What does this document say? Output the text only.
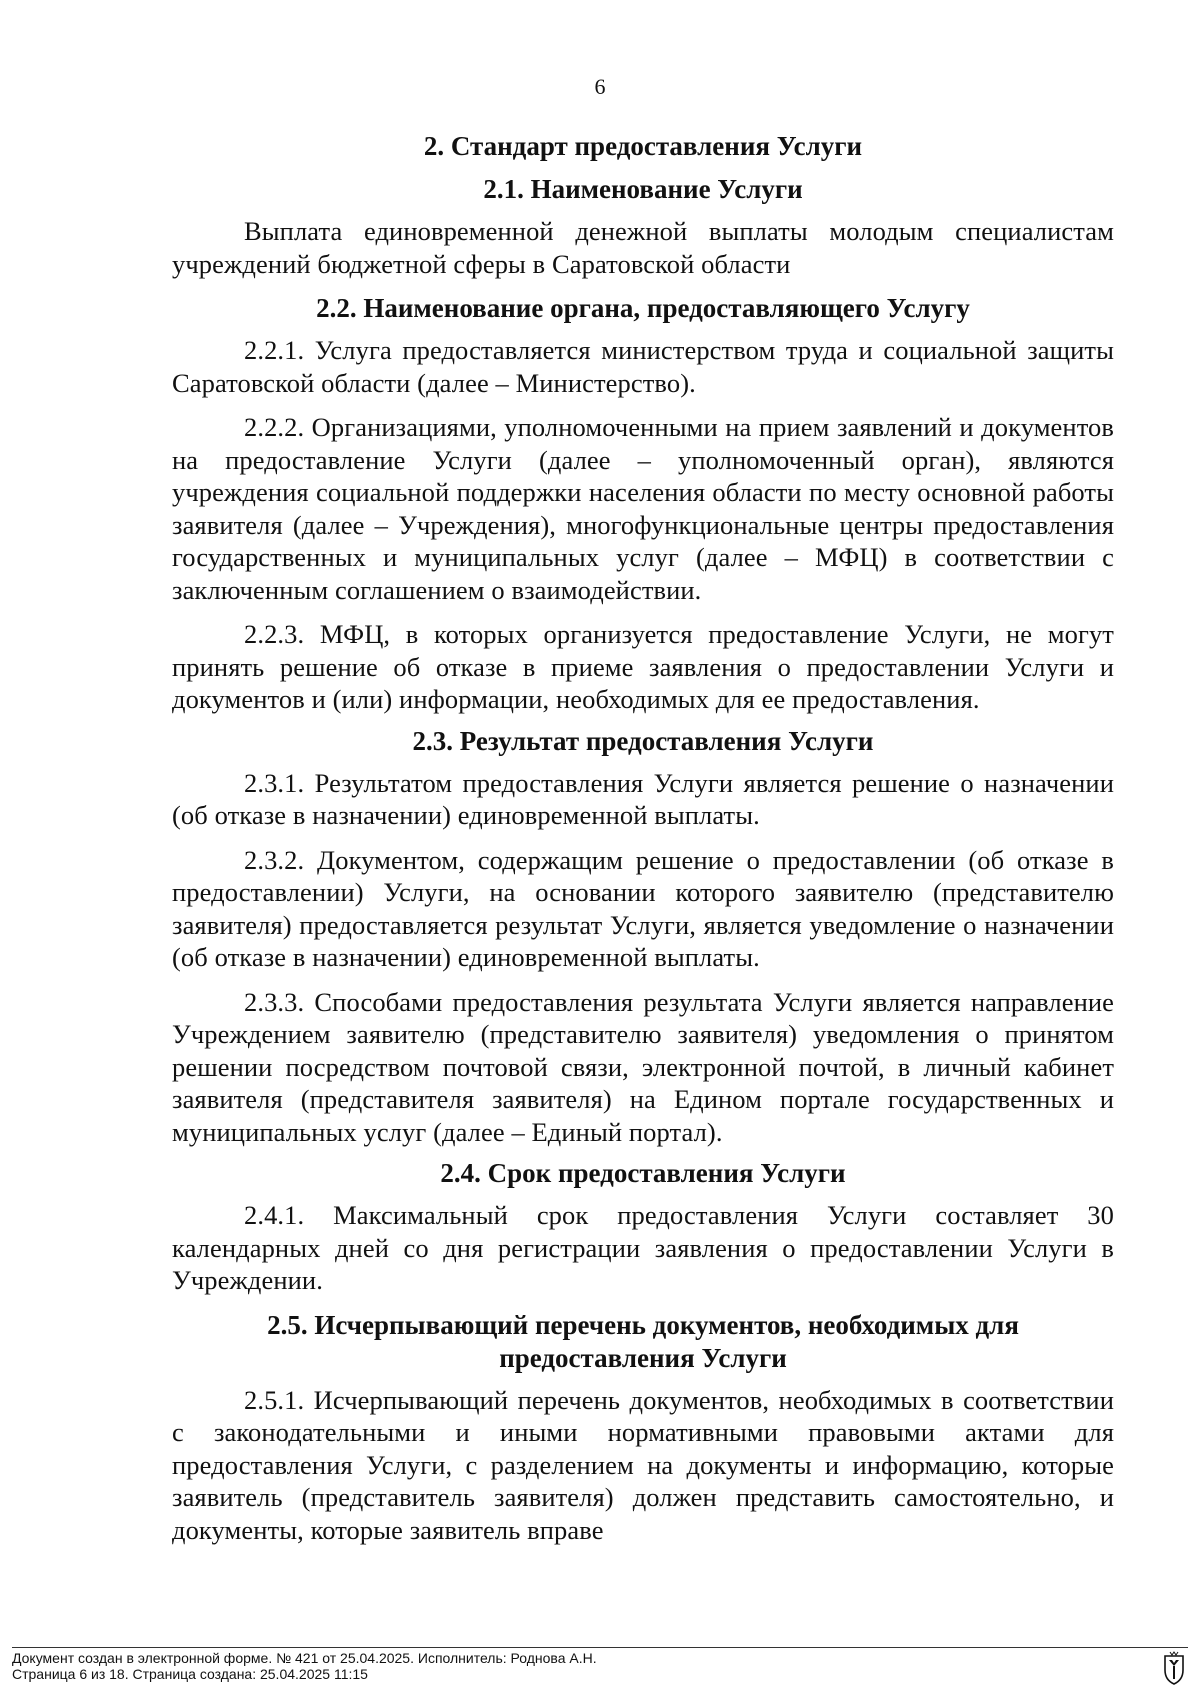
6

2. Стандарт предоставления Услуги

2.1. Наименование Услуги

Выплата единовременной денежной выплаты молодым специалистам учреждений бюджетной сферы в Саратовской области

2.2. Наименование органа, предоставляющего Услугу

2.2.1. Услуга предоставляется министерством труда и социальной защиты Саратовской области (далее – Министерство).

2.2.2. Организациями, уполномоченными на прием заявлений и документов на предоставление Услуги (далее – уполномоченный орган), являются учреждения социальной поддержки населения области по месту основной работы заявителя (далее – Учреждения), многофункциональные центры предоставления государственных и муниципальных услуг (далее – МФЦ) в соответствии с заключенным соглашением о взаимодействии.

2.2.3. МФЦ, в которых организуется предоставление Услуги, не могут принять решение об отказе в приеме заявления о предоставлении Услуги и документов и (или) информации, необходимых для ее предоставления.

2.3. Результат предоставления Услуги

2.3.1. Результатом предоставления Услуги является решение о назначении (об отказе в назначении) единовременной выплаты.

2.3.2. Документом, содержащим решение о предоставлении (об отказе в предоставлении) Услуги, на основании которого заявителю (представителю заявителя) предоставляется результат Услуги, является уведомление о назначении (об отказе в назначении) единовременной выплаты.

2.3.3. Способами предоставления результата Услуги является направление Учреждением заявителю (представителю заявителя) уведомления о принятом решении посредством почтовой связи, электронной почтой, в личный кабинет заявителя (представителя заявителя) на Едином портале государственных и муниципальных услуг (далее – Единый портал).

2.4. Срок предоставления Услуги

2.4.1. Максимальный срок предоставления Услуги составляет 30 календарных дней со дня регистрации заявления о предоставлении Услуги в Учреждении.

2.5. Исчерпывающий перечень документов, необходимых для

предоставления Услуги

2.5.1. Исчерпывающий перечень документов, необходимых в соответствии с законодательными и иными нормативными правовыми актами для предоставления Услуги, с разделением на документы и информацию, которые заявитель (представитель заявителя) должен представить самостоятельно, и документы, которые заявитель вправе

Документ создан в электронной форме. № 421 от 25.04.2025. Исполнитель: Роднова А.Н.
Страница 6 из 18. Страница создана: 25.04.2025 11:15
